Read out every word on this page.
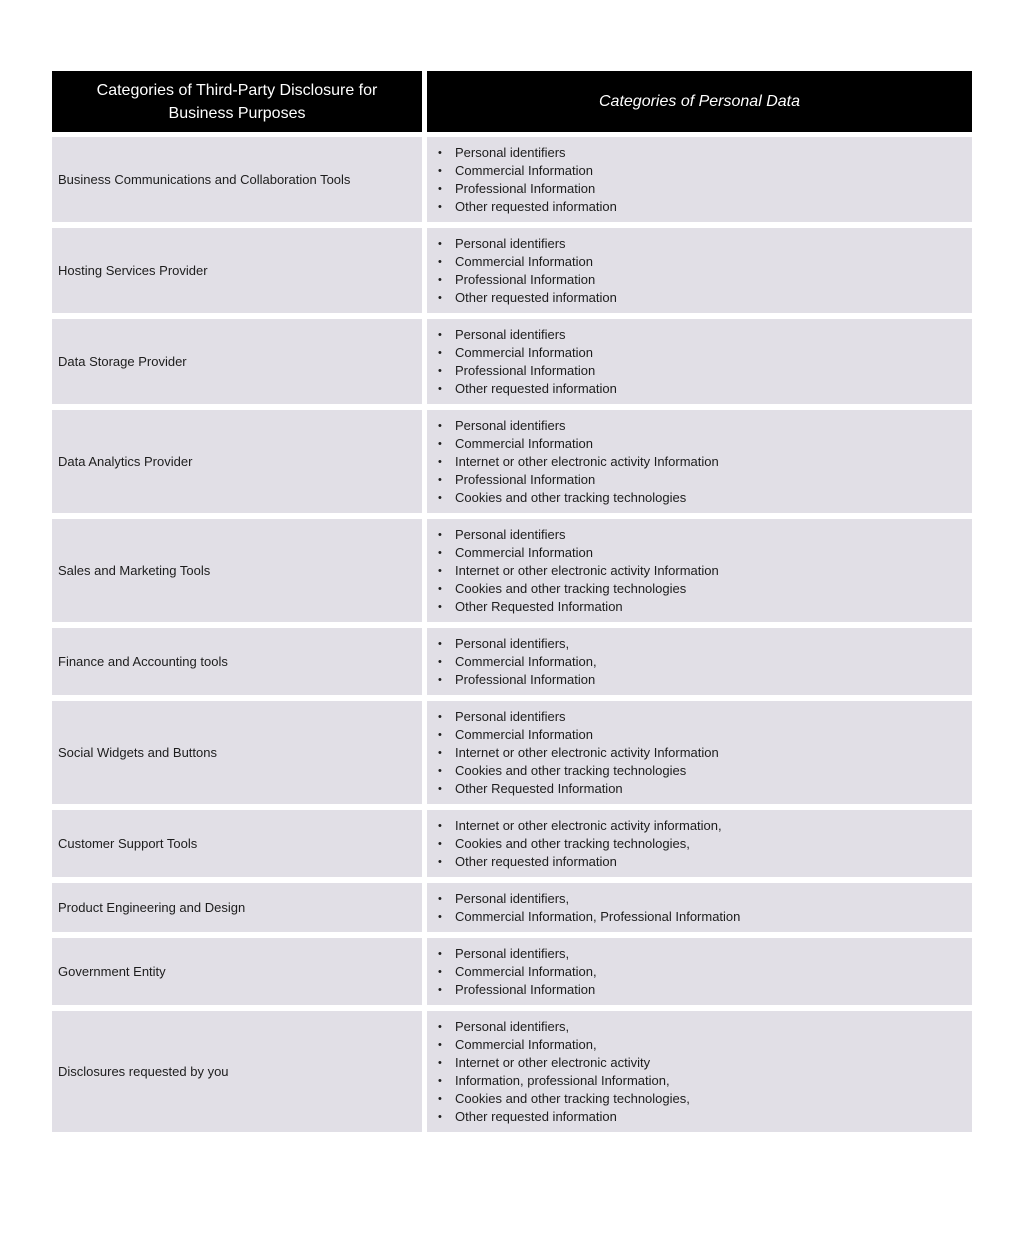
Categories of Third-Party Disclosure for Business Purposes
Categories of Personal Data
Business Communications and Collaboration Tools
• Personal identifiers
• Commercial Information
• Professional Information
• Other requested information
Hosting Services Provider
• Personal identifiers
• Commercial Information
• Professional Information
• Other requested information
Data Storage Provider
• Personal identifiers
• Commercial Information
• Professional Information
• Other requested information
Data Analytics Provider
• Personal identifiers
• Commercial Information
• Internet or other electronic activity Information
• Professional Information
• Cookies and other tracking technologies
Sales and Marketing Tools
• Personal identifiers
• Commercial Information
• Internet or other electronic activity Information
• Cookies and other tracking technologies
• Other Requested Information
Finance and Accounting tools
• Personal identifiers,
• Commercial Information,
• Professional Information
Social Widgets and Buttons
• Personal identifiers
• Commercial Information
• Internet or other electronic activity Information
• Cookies and other tracking technologies
• Other Requested Information
Customer Support Tools
• Internet or other electronic activity information,
• Cookies and other tracking technologies,
• Other requested information
Product Engineering and Design
• Personal identifiers,
• Commercial Information, Professional Information
Government Entity
• Personal identifiers,
• Commercial Information,
• Professional Information
Disclosures requested by you
• Personal identifiers,
• Commercial Information,
• Internet or other electronic activity
• Information, professional Information,
• Cookies and other tracking technologies,
• Other requested information
